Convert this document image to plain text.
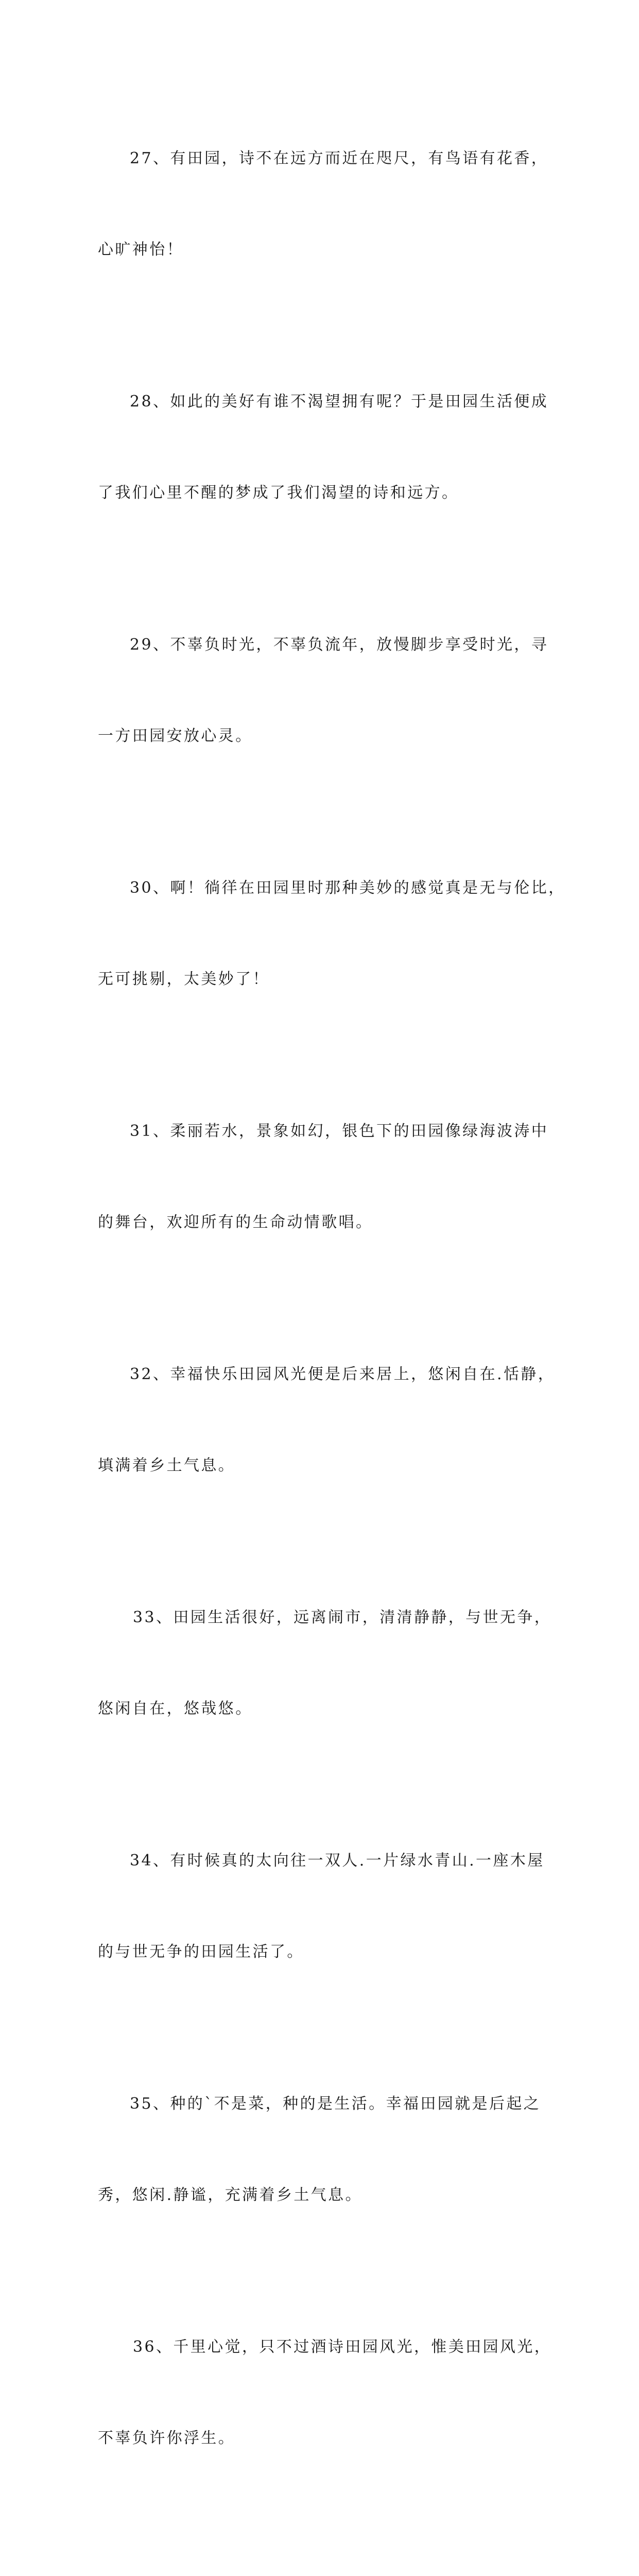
27、有田园，诗不在远方而近在咫尺，有鸟语有花香，

心旷神怡！

28、如此的美好有谁不渴望拥有呢？于是田园生活便成

了我们心里不醒的梦成了我们渴望的诗和远方。

29、不辜负时光，不辜负流年，放慢脚步享受时光，寻

一方田园安放心灵。

30、啊！徜徉在田园里时那种美妙的感觉真是无与伦比，

无可挑剔，太美妙了！

31、柔丽若水，景象如幻，银色下的田园像绿海波涛中

的舞台，欢迎所有的生命动情歌唱。

32、幸福快乐田园风光便是后来居上，悠闲自在.恬静，

填满着乡土气息。

33、田园生活很好，远离闹市，清清静静，与世无争，

悠闲自在，悠哉悠。

34、有时候真的太向往一双人.一片绿水青山.一座木屋

的与世无争的田园生活了。

35、种的`不是菜，种的是生活。幸福田园就是后起之

秀，悠闲.静谧，充满着乡土气息。

36、千里心觉，只不过酒诗田园风光，惟美田园风光，

不辜负许你浮生。
